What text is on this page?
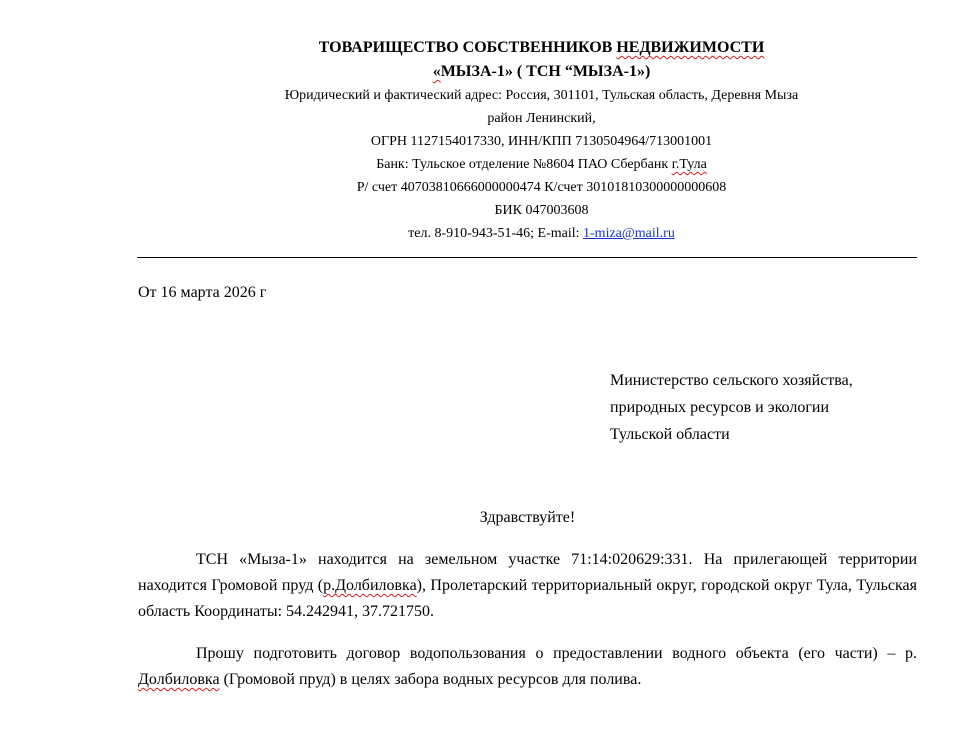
ТОВАРИЩЕСТВО СОБСТВЕННИКОВ НЕДВИЖИМОСТИ
«МЫЗА-1» ( ТСН “МЫЗА-1»)
Юридический и фактический адрес: Россия, 301101, Тульская область, Деревня Мыза
район Ленинский,
ОГРН 1127154017330, ИНН/КПП 7130504964/713001001
Банк: Тульское отделение №8604 ПАО Сбербанк г.Тула
Р/ счет 40703810666000000474 К/счет 30101810300000000608
БИК 047003608
тел. 8-910-943-51-46; E-mail: 1-miza@mail.ru
От 16 марта 2026 г
Министерство сельского хозяйства,
природных ресурсов и экологии
Тульской области
Здравствуйте!

ТСН «Мыза-1» находится на земельном участке 71:14:020629:331. На прилегающей территории находится Громовой пруд (р.Долбиловка), Пролетарский территориальный округ, городской округ Тула, Тульская область Координаты: 54.242941, 37.721750.

Прошу подготовить договор водопользования о предоставлении водного объекта (его части) – р. Долбиловка (Громовой пруд) в целях забора водных ресурсов для полива.
